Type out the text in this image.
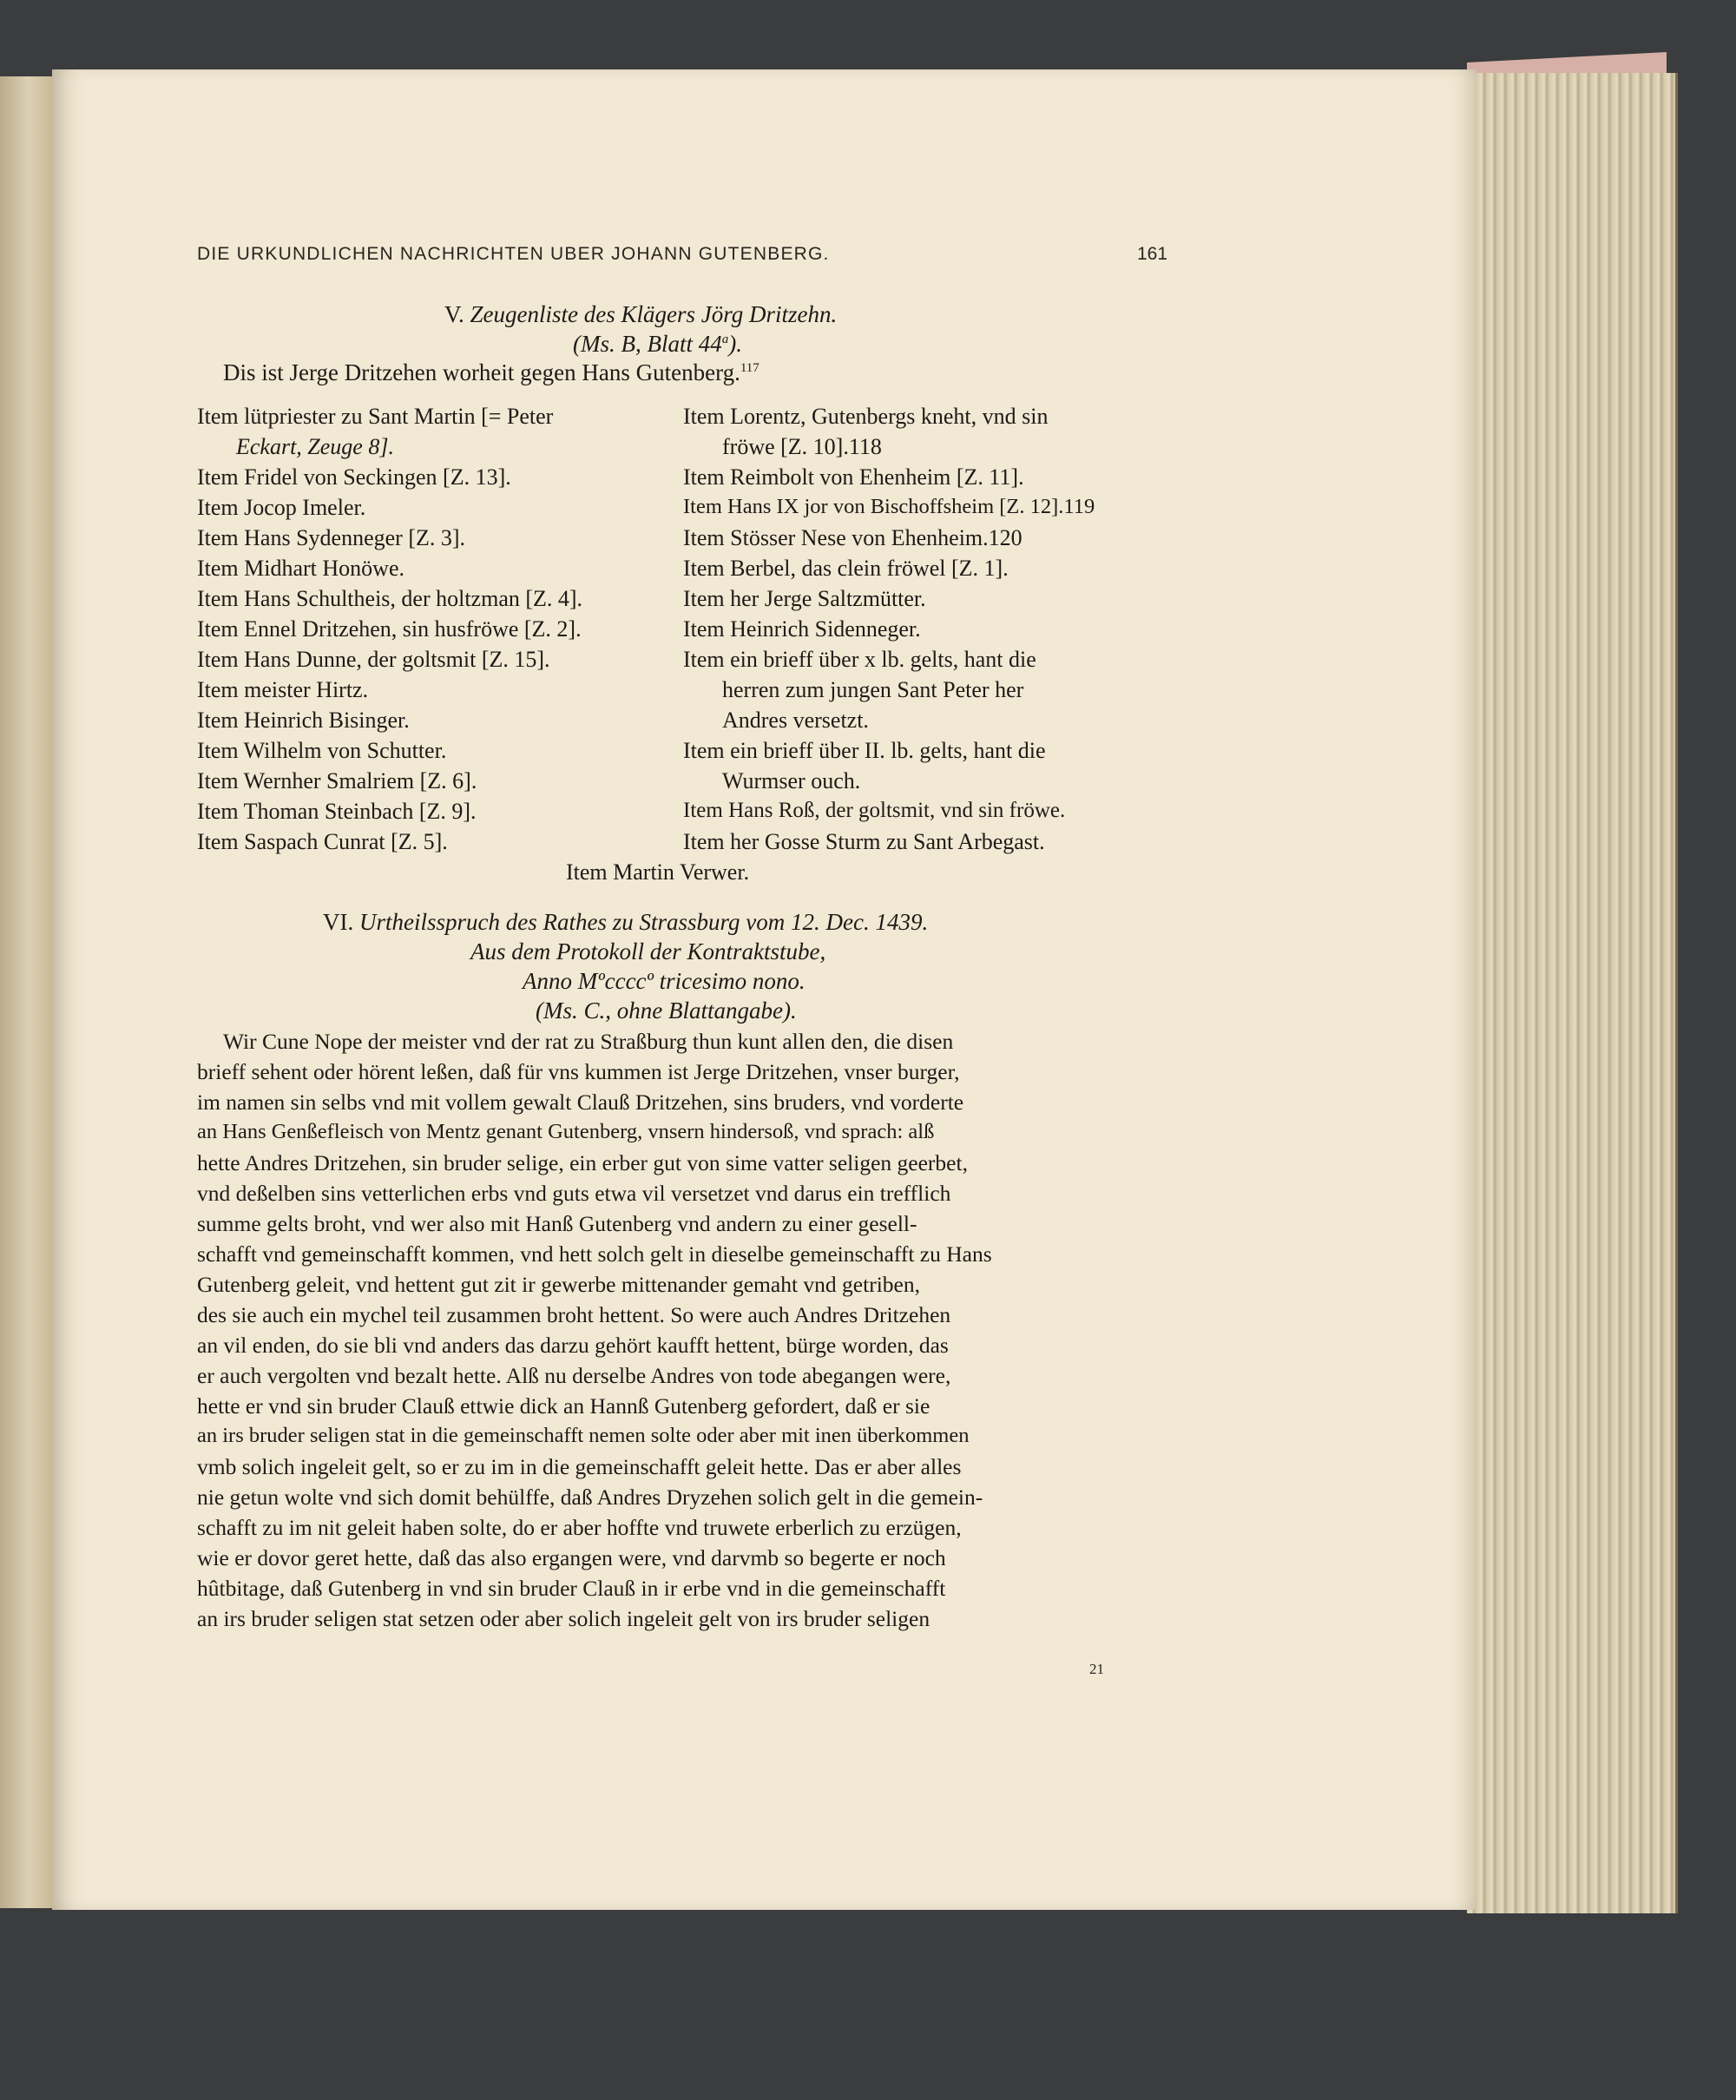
DIE URKUNDLICHEN NACHRICHTEN UBER JOHANN GUTENBERG.	161
V. Zeugenliste des Klägers Jörg Dritzehn.
(Ms. B, Blatt 44$^a$).
Dis ist Jerge Dritzehen worheit gegen Hans Gutenberg.$^{117}$
Item lütpriester zu Sant Martin [= Peter
Eckart, Zeuge 8].
Item Fridel von Seckingen [Z. 13].
Item Jocop Imeler.
Item Hans Sydenneger [Z. 3].
Item Midhart Honöwe.
Item Hans Schultheis, der holtzman [Z. 4].
Item Ennel Dritzehen, sin husfröwe [Z. 2].
Item Hans Dunne, der goltsmit [Z. 15].
Item meister Hirtz.
Item Heinrich Bisinger.
Item Wilhelm von Schutter.
Item Wernher Smalriem [Z. 6].
Item Thoman Steinbach [Z. 9].
Item Saspach Cunrat [Z. 5].
Item Lorentz, Gutenbergs kneht, vnd sin
fröwe [Z. 10].118
Item Reimbolt von Ehenheim [Z. 11].
Item Hans IX jor von Bischoffsheim [Z. 12].119
Item Stösser Nese von Ehenheim.120
Item Berbel, das clein fröwel [Z. 1].
Item her Jerge Saltzmütter.
Item Heinrich Sidenneger.
Item ein brieff über x lb. gelts, hant die
herren zum jungen Sant Peter her
Andres versetzt.
Item ein brieff über II. lb. gelts, hant die
Wurmser ouch.
Item Hans Roß, der goltsmit, vnd sin fröwe.
Item her Gosse Sturm zu Sant Arbegast.
Item Martin Verwer.
VI. Urtheilsspruch des Rathes zu Strassburg vom 12. Dec. 1439.
Aus dem Protokoll der Kontraktstube,
Anno Mºccccº tricesimo nono.
(Ms. C., ohne Blattangabe).
Wir Cune Nope der meister vnd der rat zu Straßburg thun kunt allen den, die disen
brieff sehent oder hörent leßen, daß für vns kummen ist Jerge Dritzehen, vnser burger,
im namen sin selbs vnd mit vollem gewalt Clauß Dritzehen, sins bruders, vnd vorderte
an Hans Genßefleisch von Mentz genant Gutenberg, vnsern hindersoß, vnd sprach: alß
hette Andres Dritzehen, sin bruder selige, ein erber gut von sime vatter seligen geerbet,
vnd deßelben sins vetterlichen erbs vnd guts etwa vil versetzet vnd darus ein trefflich
summe gelts broht, vnd wer also mit Hanß Gutenberg vnd andern zu einer gesell-
schafft vnd gemeinschafft kommen, vnd hett solch gelt in dieselbe gemeinschafft zu Hans
Gutenberg geleit, vnd hettent gut zit ir gewerbe mittenander gemaht vnd getriben,
des sie auch ein mychel teil zusammen broht hettent. So were auch Andres Dritzehen
an vil enden, do sie bli vnd anders das darzu gehört kaufft hettent, bürge worden, das
er auch vergolten vnd bezalt hette. Alß nu derselbe Andres von tode abegangen were,
hette er vnd sin bruder Clauß ettwie dick an Hannß Gutenberg gefordert, daß er sie
an irs bruder seligen stat in die gemeinschafft nemen solte oder aber mit inen überkommen
vmb solich ingeleit gelt, so er zu im in die gemeinschafft geleit hette. Das er aber alles
nie getun wolte vnd sich domit behülffe, daß Andres Dryzehen solich gelt in die gemein-
schafft zu im nit geleit haben solte, do er aber hoffte vnd truwete erberlich zu erzügen,
wie er dovor geret hette, daß das also ergangen were, vnd darvmb so begerte er noch
hûtbitage, daß Gutenberg in vnd sin bruder Clauß in ir erbe vnd in die gemeinschafft
an irs bruder seligen stat setzen oder aber solich ingeleit gelt von irs bruder seligen
21
